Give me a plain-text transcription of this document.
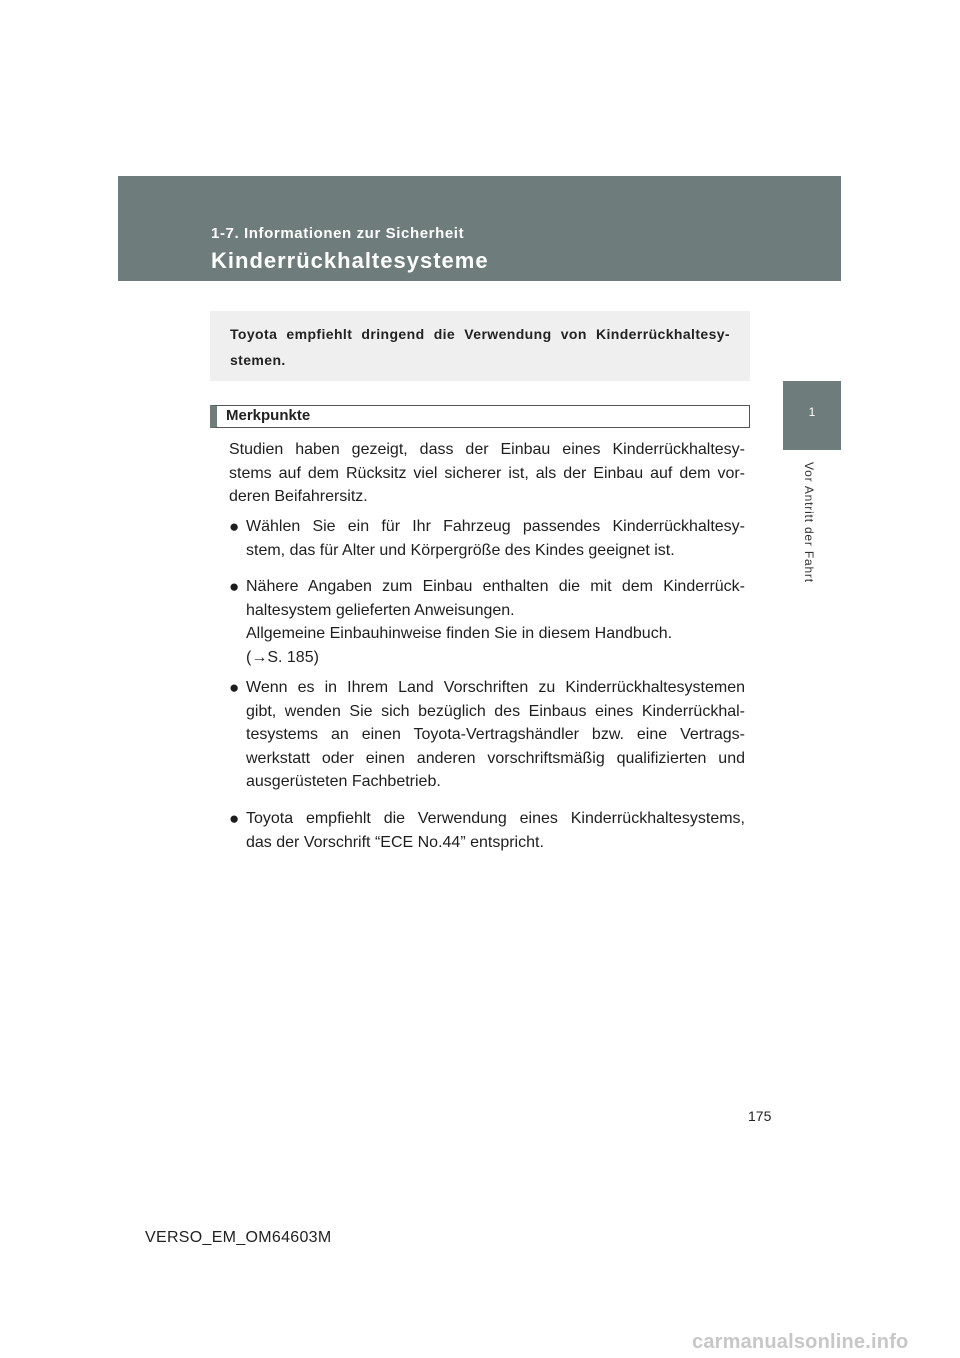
1-7. Informationen zur Sicherheit
Kinderrückhaltesysteme
1
Vor Antritt der Fahrt
Toyota empfiehlt dringend die Verwendung von Kinderrückhaltesy-
stemen.
Merkpunkte
Studien haben gezeigt, dass der Einbau eines Kinderrückhaltesy-
stems auf dem Rücksitz viel sicherer ist, als der Einbau auf dem vor-
deren Beifahrersitz.
● Wählen Sie ein für Ihr Fahrzeug passendes Kinderrückhaltesy-
stem, das für Alter und Körpergröße des Kindes geeignet ist.
● Nähere Angaben zum Einbau enthalten die mit dem Kinderrück-
haltesystem gelieferten Anweisungen.
Allgemeine Einbauhinweise finden Sie in diesem Handbuch.
(→S. 185)
● Wenn es in Ihrem Land Vorschriften zu Kinderrückhaltesystemen
gibt, wenden Sie sich bezüglich des Einbaus eines Kinderrückhal-
tesystems an einen Toyota-Vertragshändler bzw. eine Vertrags-
werkstatt oder einen anderen vorschriftsmäßig qualifizierten und
ausgerüsteten Fachbetrieb.
● Toyota empfiehlt die Verwendung eines Kinderrückhaltesystems,
das der Vorschrift “ECE No.44” entspricht.
175
VERSO_EM_OM64603M
carmanualsonline.info
